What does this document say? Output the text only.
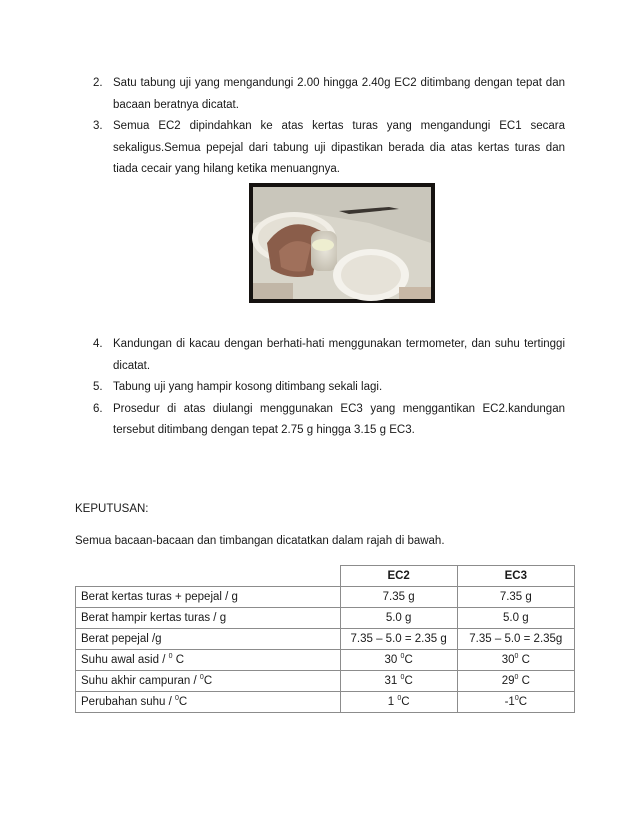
2. Satu tabung uji yang mengandungi 2.00 hingga 2.40g EC2 ditimbang dengan tepat dan bacaan beratnya dicatat.
3. Semua EC2 dipindahkan ke atas kertas turas yang mengandungi EC1 secara sekaligus.Semua pepejal dari tabung uji dipastikan berada dia atas kertas turas dan tiada cecair yang hilang ketika menuangnya.
4. Kandungan di kacau dengan berhati-hati menggunakan termometer, dan suhu tertinggi dicatat.
5. Tabung uji yang hampir kosong ditimbang sekali lagi.
6. Prosedur di atas diulangi menggunakan EC3 yang menggantikan EC2.kandungan tersebut ditimbang dengan tepat 2.75 g hingga 3.15 g EC3.
KEPUTUSAN:
Semua bacaan-bacaan dan timbangan dicatatkan dalam rajah di bawah.
	EC2	EC3
Berat kertas turas + pepejal / g	7.35 g	7.35 g
Berat hampir kertas turas / g	5.0 g	5.0 g
Berat pepejal /g	7.35 – 5.0 = 2.35 g	7.35 – 5.0 = 2.35g
Suhu awal asid / $^0$ C	30 $^0$C	$30^0$ C
Suhu akhir campuran / $^0$C	31 $^0$C	$29^0$ C
Perubahan suhu / $^0$C	1 $^0$C	$-1^0C$
